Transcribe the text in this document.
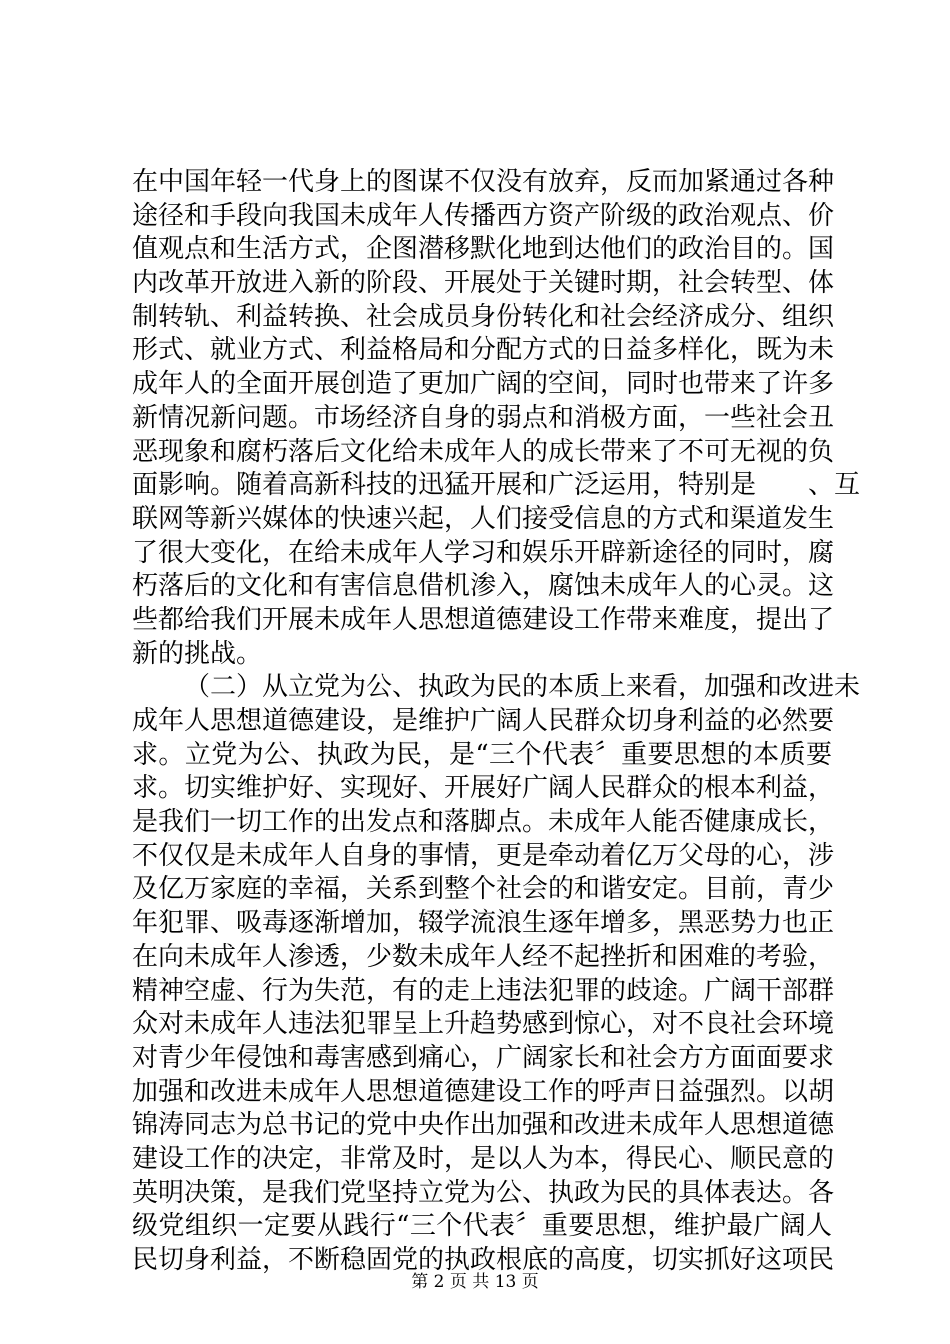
在中国年轻一代身上的图谋不仅没有放弃，反而加紧通过各种
途径和手段向我国未成年人传播西方资产阶级的政治观点、价
值观点和生活方式，企图潜移默化地到达他们的政治目的。国
内改革开放进入新的阶段、开展处于关键时期，社会转型、体
制转轨、利益转换、社会成员身份转化和社会经济成分、组织
形式、就业方式、利益格局和分配方式的日益多样化，既为未
成年人的全面开展创造了更加广阔的空间，同时也带来了许多
新情况新问题。市场经济自身的弱点和消极方面，一些社会丑
恶现象和腐朽落后文化给未成年人的成长带来了不可无视的负
面影响。随着高新科技的迅猛开展和广泛运用，特别是　　、互
联网等新兴媒体的快速兴起，人们接受信息的方式和渠道发生
了很大变化，在给未成年人学习和娱乐开辟新途径的同时，腐
朽落后的文化和有害信息借机渗入，腐蚀未成年人的心灵。这
些都给我们开展未成年人思想道德建设工作带来难度，提出了
新的挑战。
（二）从立党为公、执政为民的本质上来看，加强和改进未
成年人思想道德建设，是维护广阔人民群众切身利益的必然要
求。立党为公、执政为民，是“三个代表〞重要思想的本质要
求。切实维护好、实现好、开展好广阔人民群众的根本利益，
是我们一切工作的出发点和落脚点。未成年人能否健康成长，
不仅仅是未成年人自身的事情，更是牵动着亿万父母的心，涉
及亿万家庭的幸福，关系到整个社会的和谐安定。目前，青少
年犯罪、吸毒逐渐增加，辍学流浪生逐年增多，黑恶势力也正
在向未成年人渗透，少数未成年人经不起挫折和困难的考验，
精神空虚、行为失范，有的走上违法犯罪的歧途。广阔干部群
众对未成年人违法犯罪呈上升趋势感到惊心，对不良社会环境
对青少年侵蚀和毒害感到痛心，广阔家长和社会方方面面要求
加强和改进未成年人思想道德建设工作的呼声日益强烈。以胡
锦涛同志为总书记的党中央作出加强和改进未成年人思想道德
建设工作的决定，非常及时，是以人为本，得民心、顺民意的
英明决策，是我们党坚持立党为公、执政为民的具体表达。各
级党组织一定要从践行“三个代表〞重要思想，维护最广阔人
民切身利益，不断稳固党的执政根底的高度，切实抓好这项民
第 2 页 共 13 页
